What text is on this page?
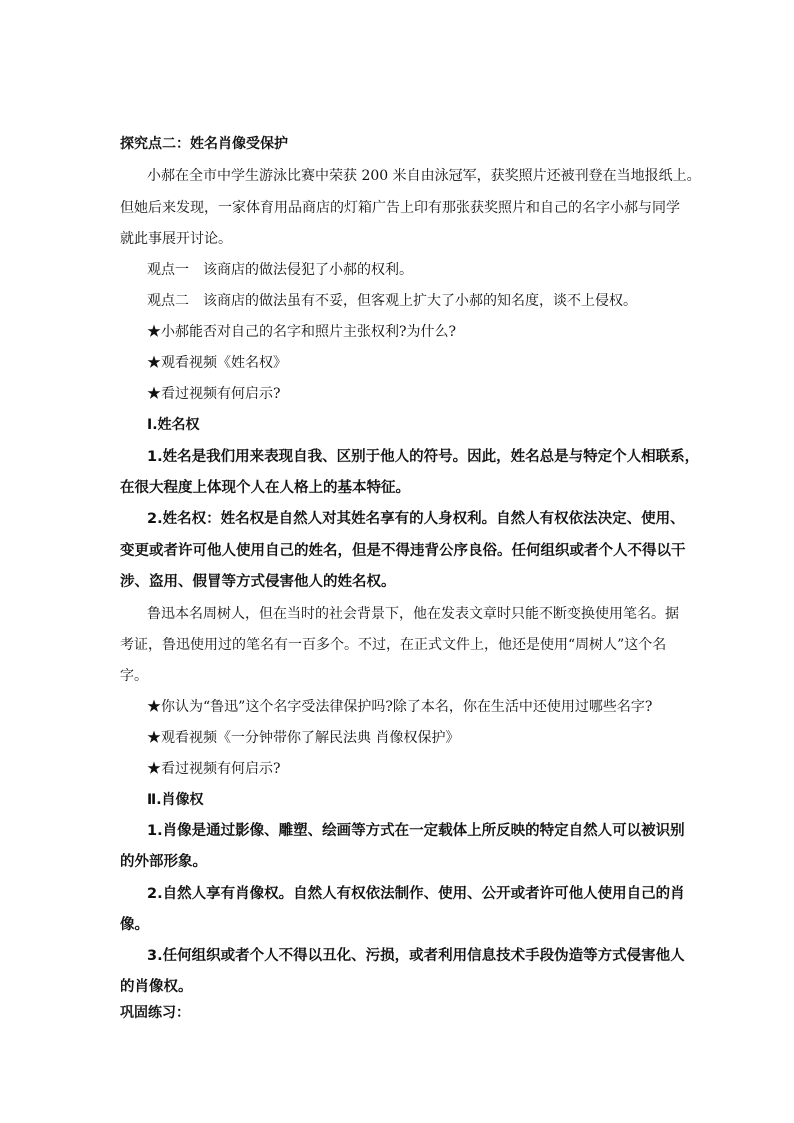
探究点二：姓名肖像受保护
小郝在全市中学生游泳比赛中荣获 200 米自由泳冠军，获奖照片还被刊登在当地报纸上。
但她后来发现，一家体育用品商店的灯箱广告上印有那张获奖照片和自己的名字小郝与同学
就此事展开讨论。
观点一 该商店的做法侵犯了小郝的权利。
观点二 该商店的做法虽有不妥，但客观上扩大了小郝的知名度，谈不上侵权。
★小郝能否对自己的名字和照片主张权利?为什么?
★观看视频《姓名权》
★看过视频有何启示?
Ⅰ.姓名权
1.姓名是我们用来表现自我、区别于他人的符号。因此，姓名总是与特定个人相联系，
在很大程度上体现个人在人格上的基本特征。
2.姓名权：姓名权是自然人对其姓名享有的人身权利。自然人有权依法决定、使用、
变更或者许可他人使用自己的姓名，但是不得违背公序良俗。任何组织或者个人不得以干
涉、盗用、假冒等方式侵害他人的姓名权。
鲁迅本名周树人，但在当时的社会背景下，他在发表文章时只能不断变换使用笔名。据
考证，鲁迅使用过的笔名有一百多个。不过，在正式文件上，他还是使用“周树人”这个名
字。
★你认为“鲁迅”这个名字受法律保护吗?除了本名，你在生活中还使用过哪些名字?
★观看视频《一分钟带你了解民法典 肖像权保护》
★看过视频有何启示?
Ⅱ.肖像权
1.肖像是通过影像、雕塑、绘画等方式在一定载体上所反映的特定自然人可以被识别
的外部形象。
2.自然人享有肖像权。自然人有权依法制作、使用、公开或者许可他人使用自己的肖
像。
3.任何组织或者个人不得以丑化、污损，或者利用信息技术手段伪造等方式侵害他人
的肖像权。
巩固练习：
